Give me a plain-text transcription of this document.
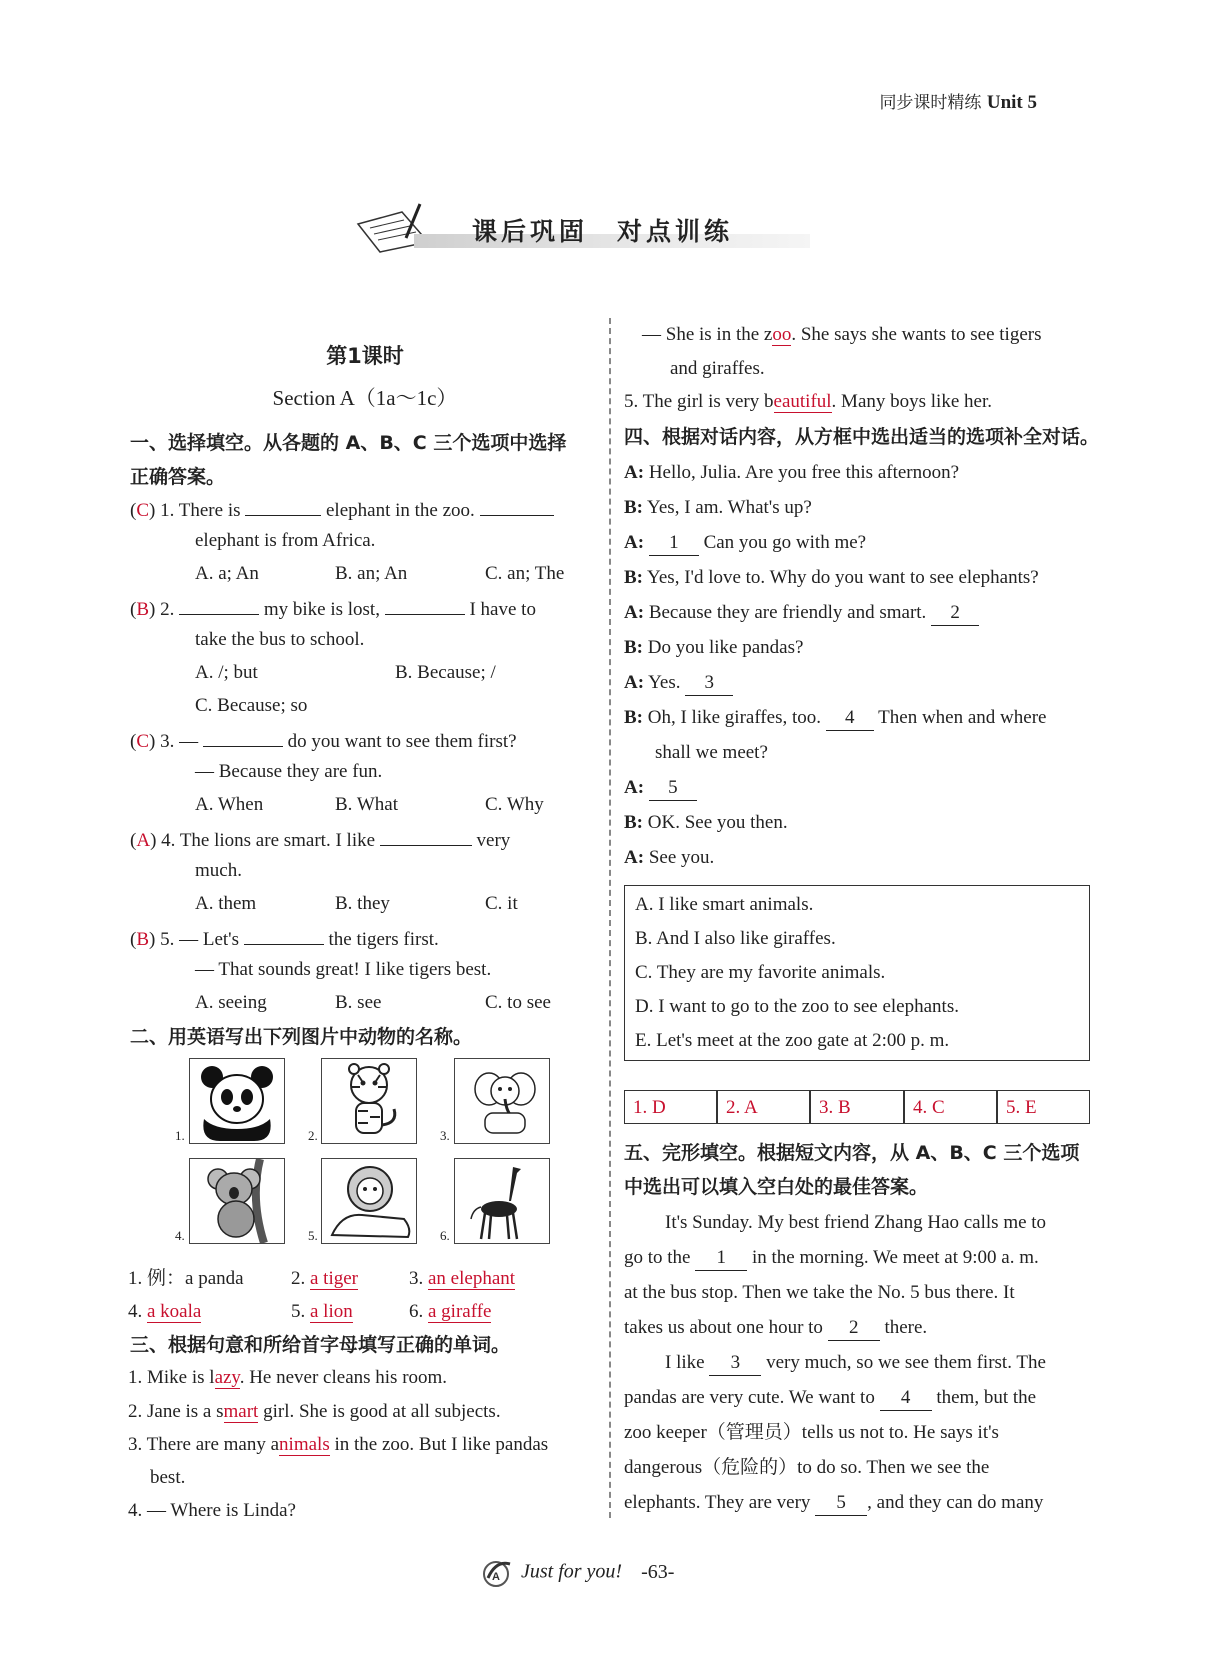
同步课时精练 Unit 5
课后巩固　对点训练
第1课时
Section A（1a～1c）
一、选择填空。从各题的 A、B、C 三个选项中选择
正确答案。
(C) 1. There is	elephant in the zoo.
elephant is from Africa.
A. a; An	B. an; An	C. an; The
(B) 2.	my bike is lost,	I have to
take the bus to school.
A. /; but	B. Because; /
C. Because; so
(C) 3. —	do you want to see them first?
— Because they are fun.
A. When	B. What	C. Why
(A) 4. The lions are smart. I like	very
much.
A. them	B. they	C. it
(B) 5. — Let's	the tigers first.
— That sounds great! I like tigers best.
A. seeing	B. see	C. to see
二、用英语写出下列图片中动物的名称。
1.	2.	3.
4.	5.	6.
1. 例：a panda 2. a tiger	3. an elephant
4. a koala	5. a lion	6. a giraffe
三、根据句意和所给首字母填写正确的单词。
1. Mike is lazy. He never cleans his room.
2. Jane is a smart girl. She is good at all subjects.
3. There are many animals in the zoo. But I like pandas
best.
4. — Where is Linda?
— She is in the zoo. She says she wants to see tigers
and giraffes.
5. The girl is very beautiful. Many boys like her.
四、根据对话内容，从方框中选出适当的选项补全对话。
A: Hello, Julia. Are you free this afternoon?
B: Yes, I am. What's up?
A: 1 Can you go with me?
B: Yes, I'd love to. Why do you want to see elephants?
A: Because they are friendly and smart. 2
B: Do you like pandas?
A: Yes. 3
B: Oh, I like giraffes, too. 4 Then when and where
shall we meet?
A: 5
B: OK. See you then.
A: See you.
A. I like smart animals.
B. And I also like giraffes.
C. They are my favorite animals.
D. I want to go to the zoo to see elephants.
E. Let's meet at the zoo gate at 2:00 p. m.
1. D	2. A	3. B	4. C	5. E
五、完形填空。根据短文内容，从 A、B、C 三个选项
中选出可以填入空白处的最佳答案。
It's Sunday. My best friend Zhang Hao calls me to
go to the 1 in the morning. We meet at 9:00 a. m.
at the bus stop. Then we take the No. 5 bus there. It
takes us about one hour to 2 there.
I like 3 very much, so we see them first. The
pandas are very cute. We want to 4 them, but the
zoo keeper（管理员）tells us not to. He says it's
dangerous（危险的）to do so. Then we see the
elephants. They are very 5 , and they can do many
A Just for you! -63-
